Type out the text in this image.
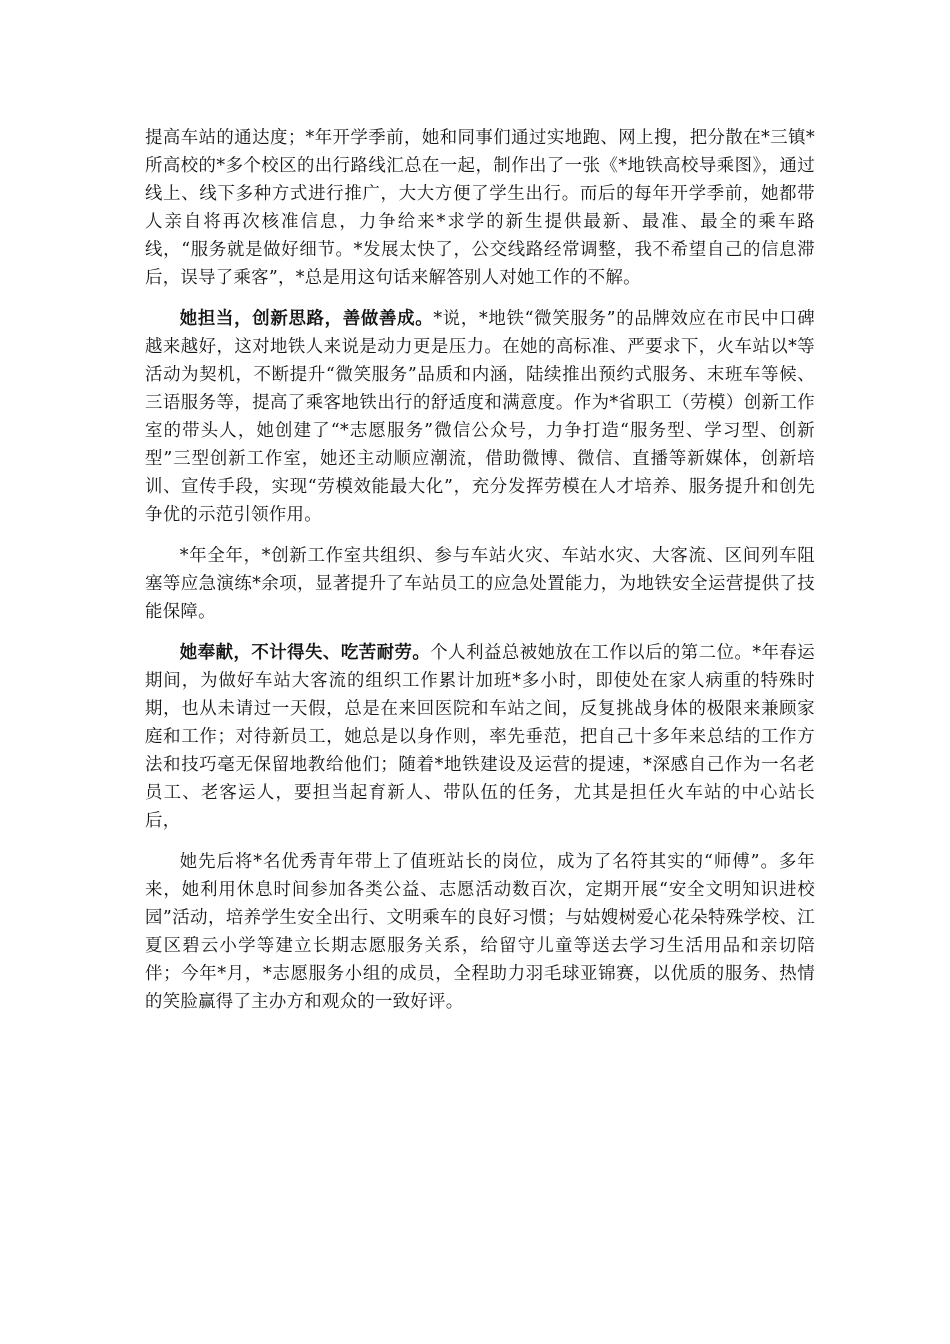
提高车站的通达度；*年开学季前，她和同事们通过实地跑、网上搜，把分散在*三镇*所高校的*多个校区的出行路线汇总在一起，制作出了一张《*地铁高校导乘图》，通过线上、线下多种方式进行推广，大大方便了学生出行。而后的每年开学季前，她都带人亲自将再次核准信息，力争给来*求学的新生提供最新、最准、最全的乘车路线，“服务就是做好细节。*发展太快了，公交线路经常调整，我不希望自己的信息滞后，误导了乘客”，*总是用这句话来解答别人对她工作的不解。

她担当，创新思路，善做善成。*说，*地铁“微笑服务”的品牌效应在市民中口碑越来越好，这对地铁人来说是动力更是压力。在她的高标准、严要求下，火车站以*等活动为契机，不断提升“微笑服务”品质和内涵，陆续推出预约式服务、末班车等候、三语服务等，提高了乘客地铁出行的舒适度和满意度。作为*省职工（劳模）创新工作室的带头人，她创建了“*志愿服务”微信公众号，力争打造“服务型、学习型、创新型”三型创新工作室，她还主动顺应潮流，借助微博、微信、直播等新媒体，创新培训、宣传手段，实现“劳模效能最大化”，充分发挥劳模在人才培养、服务提升和创先争优的示范引领作用。

*年全年，*创新工作室共组织、参与车站火灾、车站水灾、大客流、区间列车阻塞等应急演练*余项，显著提升了车站员工的应急处置能力，为地铁安全运营提供了技能保障。

她奉献，不计得失、吃苦耐劳。个人利益总被她放在工作以后的第二位。*年春运期间，为做好车站大客流的组织工作累计加班*多小时，即使处在家人病重的特殊时期，也从未请过一天假，总是在来回医院和车站之间，反复挑战身体的极限来兼顾家庭和工作；对待新员工，她总是以身作则，率先垂范，把自己十多年来总结的工作方法和技巧毫无保留地教给他们；随着*地铁建设及运营的提速，*深感自己作为一名老员工、老客运人，要担当起育新人、带队伍的任务，尤其是担任火车站的中心站长后，

她先后将*名优秀青年带上了值班站长的岗位，成为了名符其实的“师傅”。多年来，她利用休息时间参加各类公益、志愿活动数百次，定期开展“安全文明知识进校园”活动，培养学生安全出行、文明乘车的良好习惯；与姑嫂树爱心花朵特殊学校、江夏区碧云小学等建立长期志愿服务关系，给留守儿童等送去学习生活用品和亲切陪伴；今年*月，*志愿服务小组的成员，全程助力羽毛球亚锦赛，以优质的服务、热情的笑脸赢得了主办方和观众的一致好评。
